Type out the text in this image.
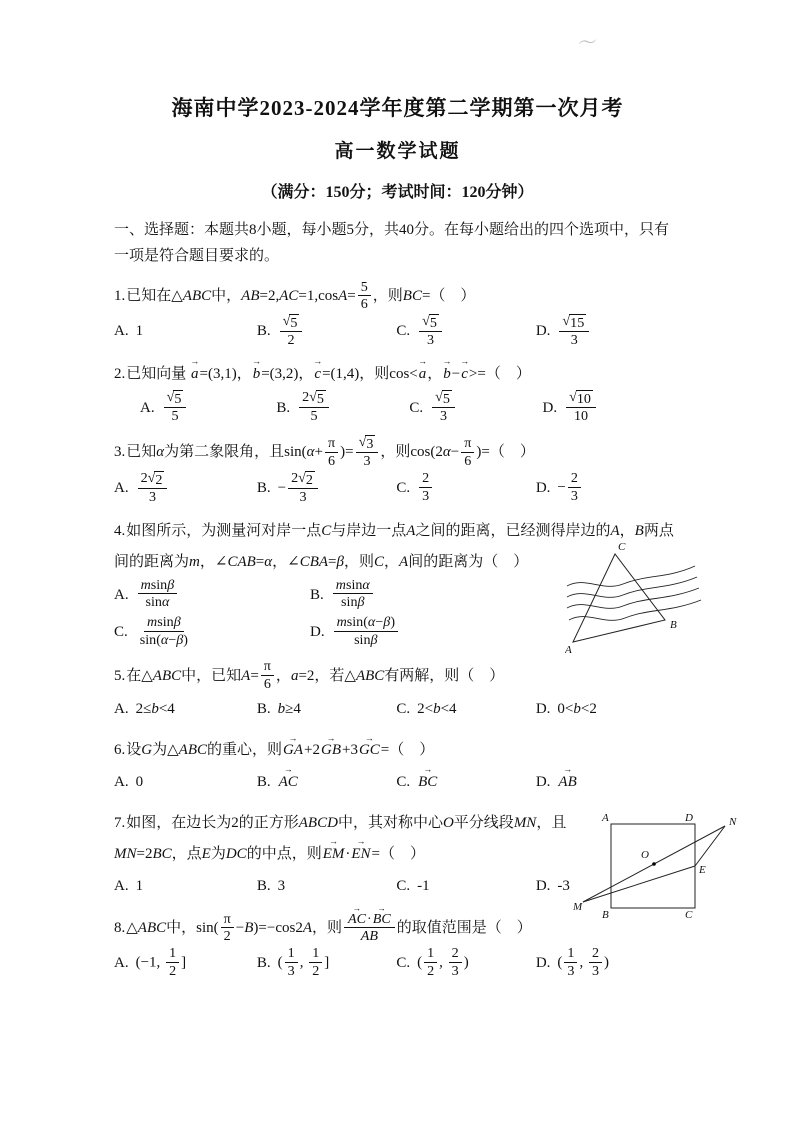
〜
海南中学2023-2024学年度第二学期第一次月考
高一数学试题
（满分：150分；考试时间：120分钟）

一、选择题：本题共8小题，每小题5分，共40分。在每小题给出的四个选项中，只有一项是符合题目要求的。

1.已知在△ABC中，$AB=2,AC=1,\cos A= \frac{5}{6}$ ，则BC=（　）
A. 1	B. $\frac{√ 5}{2}$	C. $\frac{√ 5}{3}$	D. $\frac{√ 15}{3}$
2.已知向量 a →=(3,1)，b →=(3,2)，c →=(1,4)，则cos<a →，b →−c →>=（　）
A. $\frac{√ 5}{5}$	B. $\frac{2 √ 5}{5}$	C. $\frac{√ 5}{3}$	D. $\frac{√ 10}{10}$
3.已知α为第二象限角，且$\sin(\alpha+ \frac{\pi}{6}$ )= $\frac{√ 3}{3}$ ，则$\cos(2\alpha- \frac{\pi}{6}$ )=（　）
A. $\frac{2 √ 2}{3}$	B. − $\frac{2 √ 2}{3}$	C. $\frac{2}{3}$	D. − $\frac{2}{3}$
4.如图所示，为测量河对岸一点C与岸边一点A之间的距离，已经测得岸边的A，B两点间的距离为m，∠CAB=α，∠CBA=β，则C，A间的距离为（　）
A. $\frac{msin\beta}{\sin\alpha}$	B. $\frac{msin\alpha}{\sin\beta}$
C. $\frac{msin\beta}{\sin(\alpha-\beta)}$	D. $\frac{msin(\alpha-\beta)}{\sin\beta}$
C
A
B
5.在△ABC中，已知$A= \frac{\pi}{6}$ ，a=2，若△ABC有两解，则（　）
A. 2≤b<4	B. b≥4	C. 2<b<4	D. 0<b<2
6.设G为△ABC的重心，则GA →+2GB →+3GC →=（　）
A. 0	B. AC →	C. BC →	D. AB →
7.如图，在边长为2的正方形ABCD中，其对称中心O平分线段MN，且MN=2BC，点E为DC的中点，则EM →·EN →=（　）
A. 1	B. 3	C. -1	D. -3
A	D	N
O
E
M
B	C
8.△ABC中，$\sin( \frac{\pi}{2} -B)=-\cos 2A$，则 $\frac{AC \to\cdot BC \to}{AB}$ 的取值范围是（　）
A. (−1, $\frac{1}{2}$ ]	B. ( $\frac{1}{3}$ , $\frac{1}{2}$ ]	C. ( $\frac{1}{2}$ , $\frac{2}{3}$ )	D. ( $\frac{1}{3}$ , $\frac{2}{3}$ )
